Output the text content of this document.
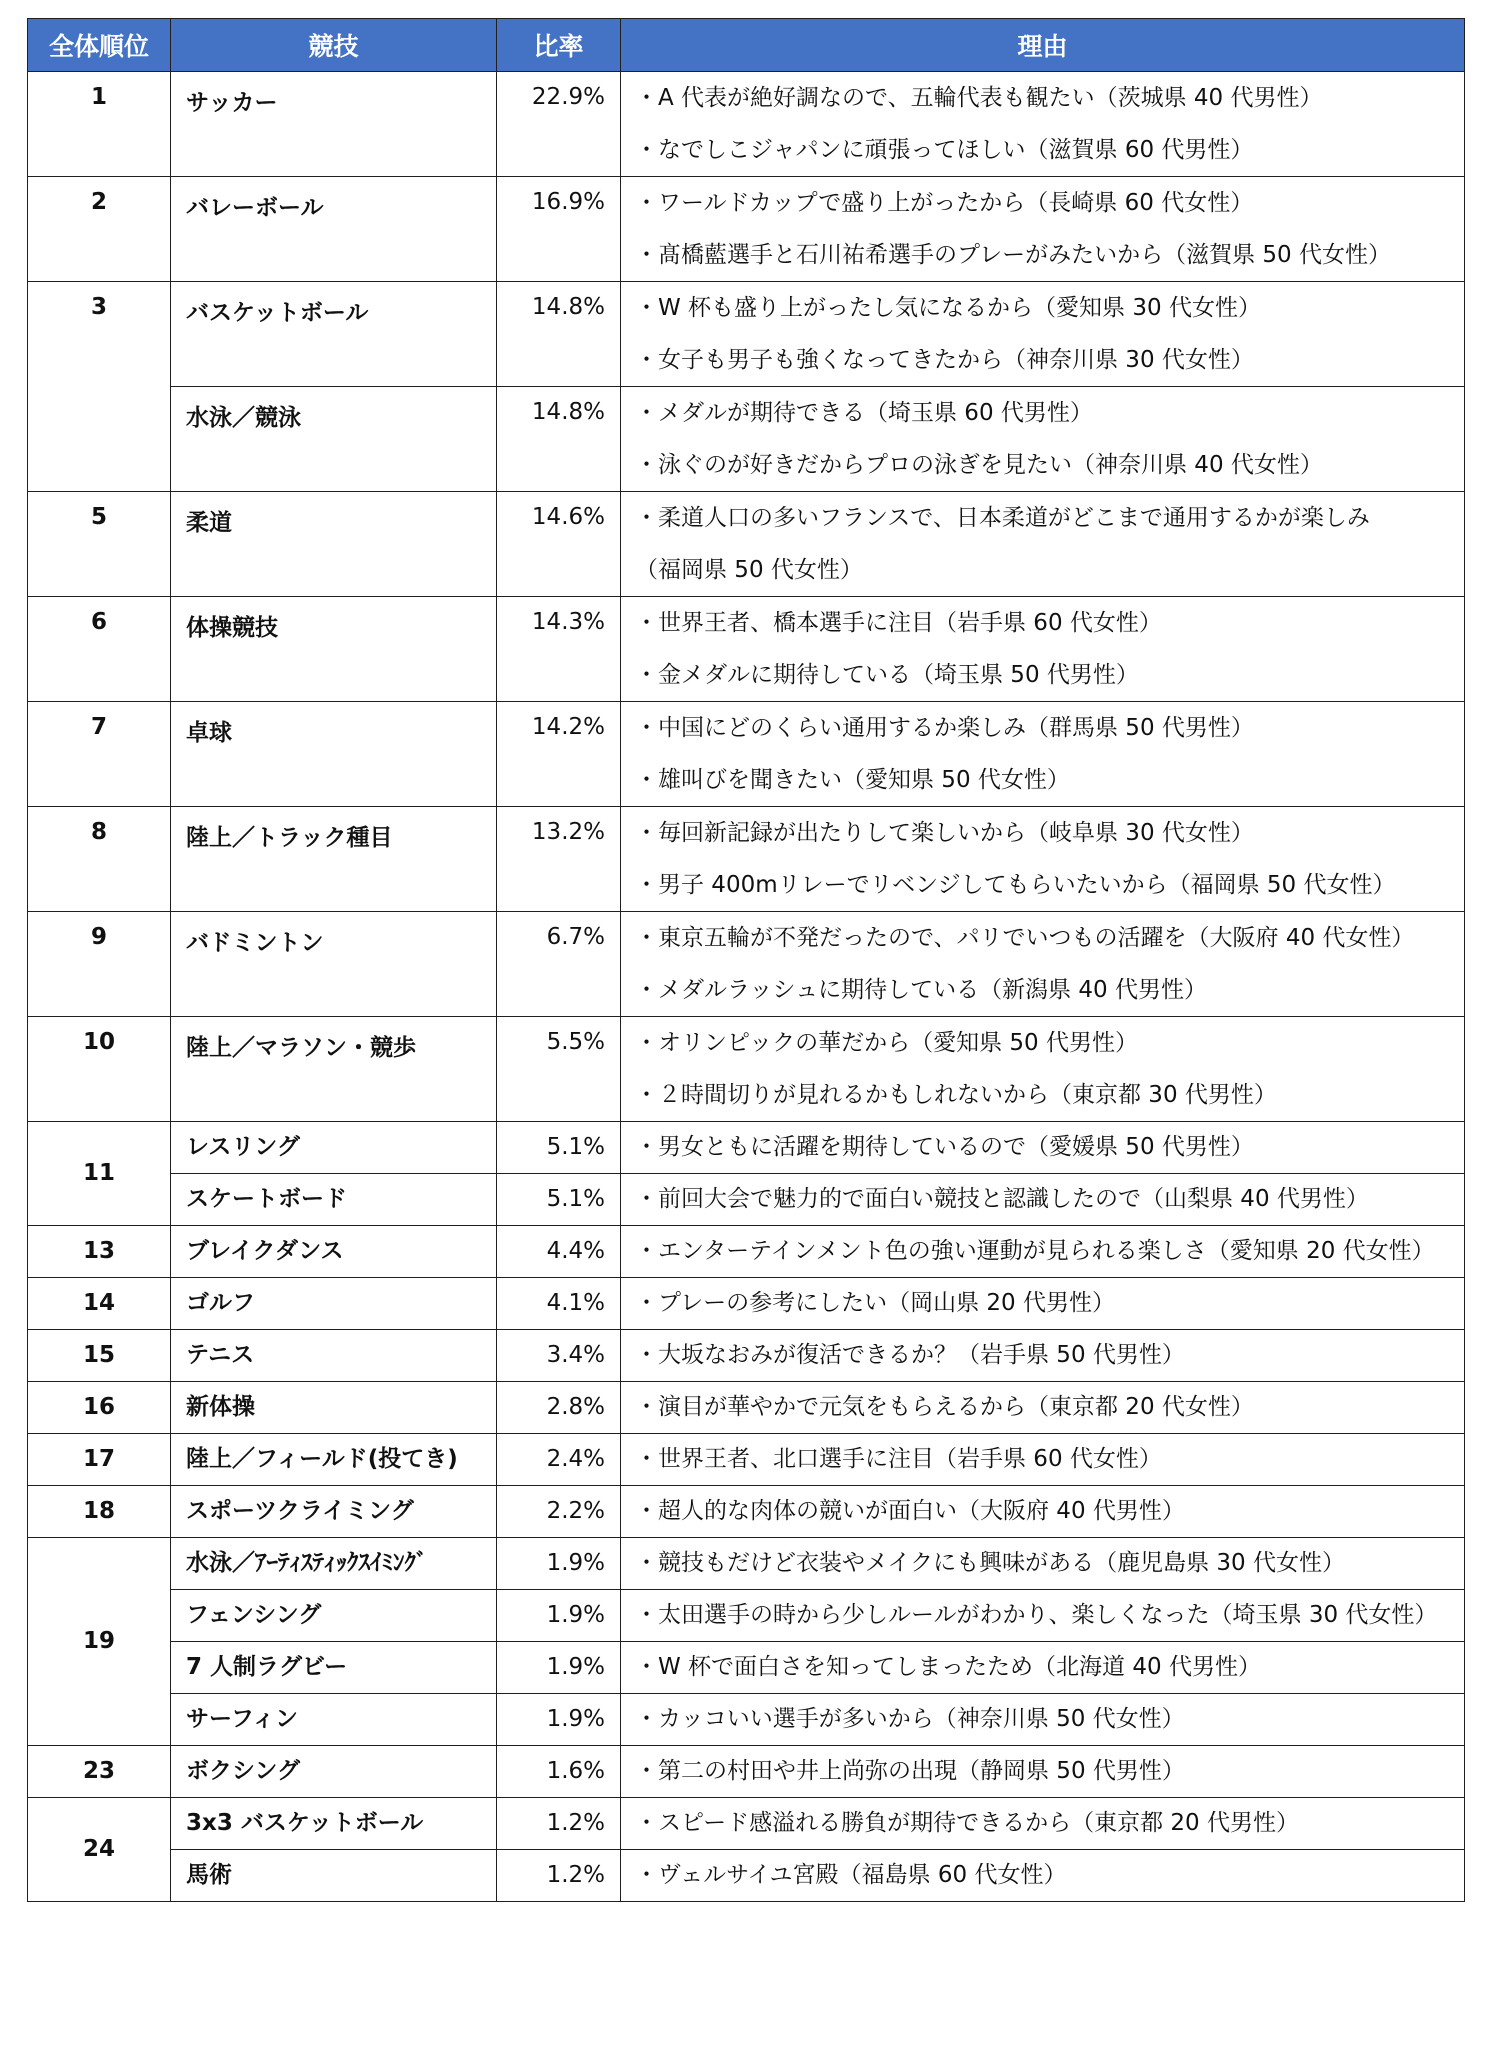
全体順位	競技	比率	理由
1	サッカー	22.9%	・A 代表が絶好調なので、五輪代表も観たい（茨城県 40 代男性）
・なでしこジャパンに頑張ってほしい（滋賀県 60 代男性）

2	バレーボール	16.9%	・ワールドカップで盛り上がったから（長崎県 60 代女性）
・髙橋藍選手と石川祐希選手のプレーがみたいから（滋賀県 50 代女性）

3	バスケットボール	14.8%	・W 杯も盛り上がったし気になるから（愛知県 30 代女性）
・女子も男子も強くなってきたから（神奈川県 30 代女性）

	水泳／競泳	14.8%	・メダルが期待できる（埼玉県 60 代男性）
・泳ぐのが好きだからプロの泳ぎを見たい（神奈川県 40 代女性）

5	柔道	14.6%	・柔道人口の多いフランスで、日本柔道がどこまで通用するかが楽しみ
（福岡県 50 代女性）

6	体操競技	14.3%	・世界王者、橋本選手に注目（岩手県 60 代女性）
・金メダルに期待している（埼玉県 50 代男性）

7	卓球	14.2%	・中国にどのくらい通用するか楽しみ（群馬県 50 代男性）
・雄叫びを聞きたい（愛知県 50 代女性）

8	陸上／トラック種目	13.2%	・毎回新記録が出たりして楽しいから（岐阜県 30 代女性）
・男子 400mリレーでリベンジしてもらいたいから（福岡県 50 代女性）

9	バドミントン	6.7%	・東京五輪が不発だったので、パリでいつもの活躍を（大阪府 40 代女性）
・メダルラッシュに期待している（新潟県 40 代男性）

10	陸上／マラソン・競歩	5.5%	・オリンピックの華だから（愛知県 50 代男性）
・２時間切りが見れるかもしれないから（東京都 30 代男性）

11	レスリング	5.1%	・男女ともに活躍を期待しているので（愛媛県 50 代男性）

	スケートボード	5.1%	・前回大会で魅力的で面白い競技と認識したので（山梨県 40 代男性）

13	ブレイクダンス	4.4%	・エンターテインメント色の強い運動が見られる楽しさ（愛知県 20 代女性）

14	ゴルフ	4.1%	・プレーの参考にしたい（岡山県 20 代男性）

15	テニス	3.4%	・大坂なおみが復活できるか？（岩手県 50 代男性）

16	新体操	2.8%	・演目が華やかで元気をもらえるから（東京都 20 代女性）

17	陸上／フィールド(投てき)	2.4%	・世界王者、北口選手に注目（岩手県 60 代女性）

18	スポーツクライミング	2.2%	・超人的な肉体の競いが面白い（大阪府 40 代男性）

19	水泳／ｱｰﾃｨｽﾃｨｯｸｽｲﾐﾝｸﾞ	1.9%	・競技もだけど衣装やメイクにも興味がある（鹿児島県 30 代女性）

	フェンシング	1.9%	・太田選手の時から少しルールがわかり、楽しくなった（埼玉県 30 代女性）

	7 人制ラグビー	1.9%	・W 杯で面白さを知ってしまったため（北海道 40 代男性）

	サーフィン	1.9%	・カッコいい選手が多いから（神奈川県 50 代女性）

23	ボクシング	1.6%	・第二の村田や井上尚弥の出現（静岡県 50 代男性）

24	3x3 バスケットボール	1.2%	・スピード感溢れる勝負が期待できるから（東京都 20 代男性）

	馬術	1.2%	・ヴェルサイユ宮殿（福島県 60 代女性）
